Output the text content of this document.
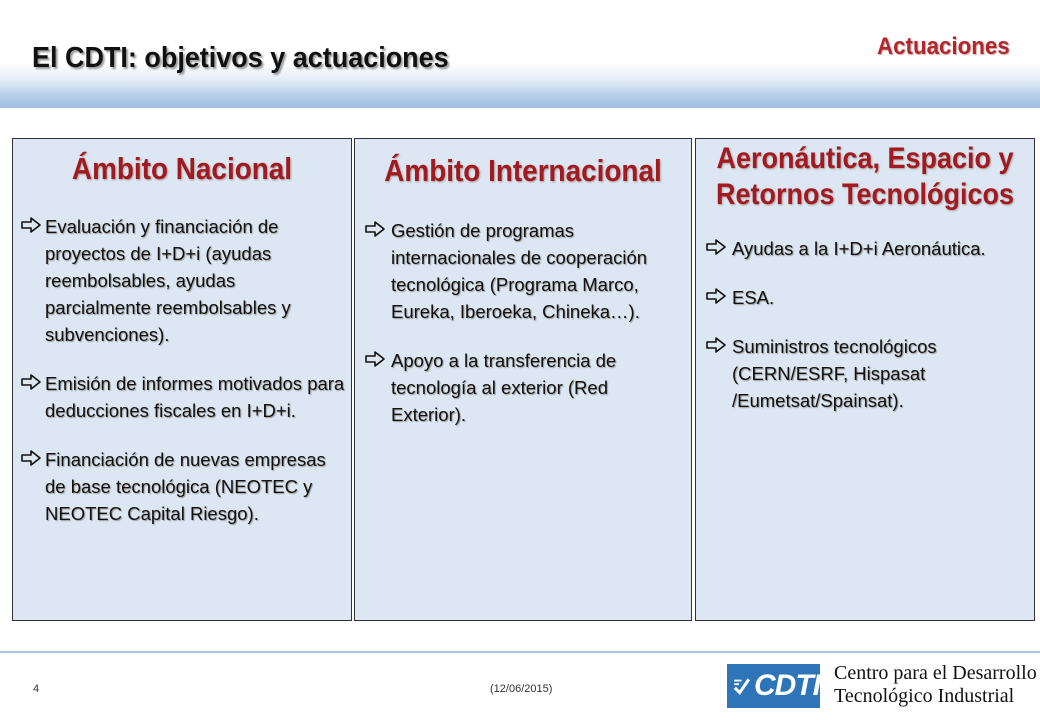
El CDTI: objetivos y actuaciones	Actuaciones
Ámbito Nacional
Evaluación y financiación de proyectos de I+D+i (ayudas reembolsables, ayudas parcialmente reembolsables y subvenciones).
Emisión de informes motivados para deducciones fiscales en I+D+i.
Financiación de nuevas empresas de base tecnológica (NEOTEC y NEOTEC Capital Riesgo).
Ámbito Internacional
Gestión de programas internacionales de cooperación tecnológica (Programa Marco, Eureka, Iberoeka, Chineka…).
Apoyo a la transferencia de tecnología al exterior (Red Exterior).
Aeronáutica, Espacio y
Retornos Tecnológicos
Ayudas a la I+D+i Aeronáutica.
ESA.
Suministros tecnológicos (CERN/ESRF, Hispasat /Eumetsat/Spainsat).
4	(12/06/2015)	CDTI Centro para el Desarrollo
Tecnológico Industrial
